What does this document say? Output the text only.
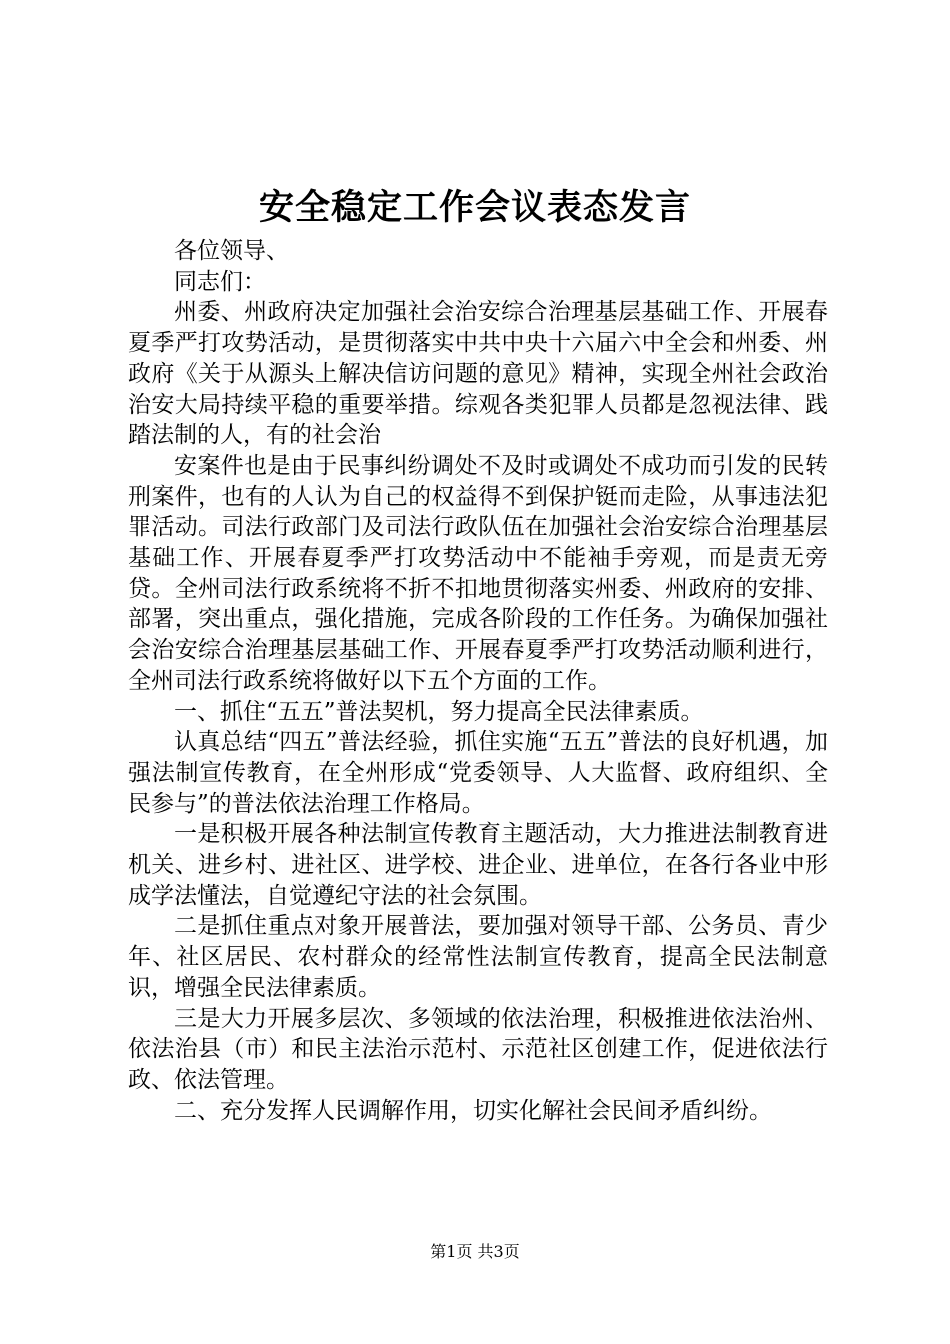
安全稳定工作会议表态发言

各位领导、

同志们：

州委、州政府决定加强社会治安综合治理基层基础工作、开展春夏季严打攻势活动，是贯彻落实中共中央十六届六中全会和州委、州政府《关于从源头上解决信访问题的意见》精神，实现全州社会政治治安大局持续平稳的重要举措。综观各类犯罪人员都是忽视法律、践踏法制的人，有的社会治

安案件也是由于民事纠纷调处不及时或调处不成功而引发的民转刑案件，也有的人认为自己的权益得不到保护铤而走险，从事违法犯罪活动。司法行政部门及司法行政队伍在加强社会治安综合治理基层基础工作、开展春夏季严打攻势活动中不能袖手旁观，而是责无旁贷。全州司法行政系统将不折不扣地贯彻落实州委、州政府的安排、部署，突出重点，强化措施，完成各阶段的工作任务。为确保加强社会治安综合治理基层基础工作、开展春夏季严打攻势活动顺利进行，全州司法行政系统将做好以下五个方面的工作。

一、抓住“五五”普法契机，努力提高全民法律素质。

认真总结“四五”普法经验，抓住实施“五五”普法的良好机遇，加强法制宣传教育，在全州形成“党委领导、人大监督、政府组织、全民参与”的普法依法治理工作格局。

一是积极开展各种法制宣传教育主题活动，大力推进法制教育进机关、进乡村、进社区、进学校、进企业、进单位，在各行各业中形成学法懂法，自觉遵纪守法的社会氛围。

二是抓住重点对象开展普法，要加强对领导干部、公务员、青少年、社区居民、农村群众的经常性法制宣传教育，提高全民法制意识，增强全民法律素质。

三是大力开展多层次、多领域的依法治理，积极推进依法治州、依法治县（市）和民主法治示范村、示范社区创建工作，促进依法行政、依法管理。

二、充分发挥人民调解作用，切实化解社会民间矛盾纠纷。

第1页 共3页
